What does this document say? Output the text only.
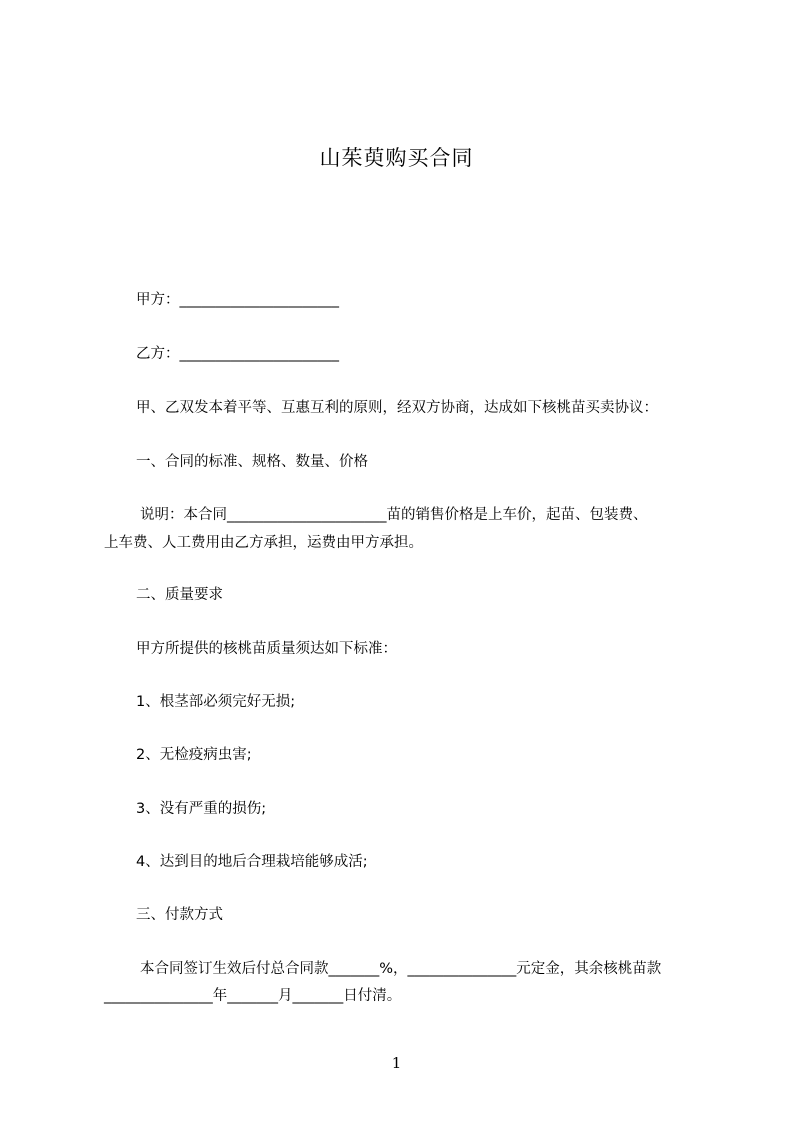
山茱萸购买合同
甲方：______________________
乙方：______________________
甲、乙双发本着平等、互惠互利的原则，经双方协商，达成如下核桃苗买卖协议：
一、合同的标准、规格、数量、价格
说明：本合同______________________苗的销售价格是上车价，起苗、包装费、
上车费、人工费用由乙方承担，运费由甲方承担。
二、质量要求
甲方所提供的核桃苗质量须达如下标准：
1、根茎部必须完好无损;
2、无检疫病虫害;
3、没有严重的损伤;
4、达到目的地后合理栽培能够成活;
三、付款方式
本合同签订生效后付总合同款_______%，_______________元定金，其余核桃苗款
_______________年_______月_______日付清。
1
